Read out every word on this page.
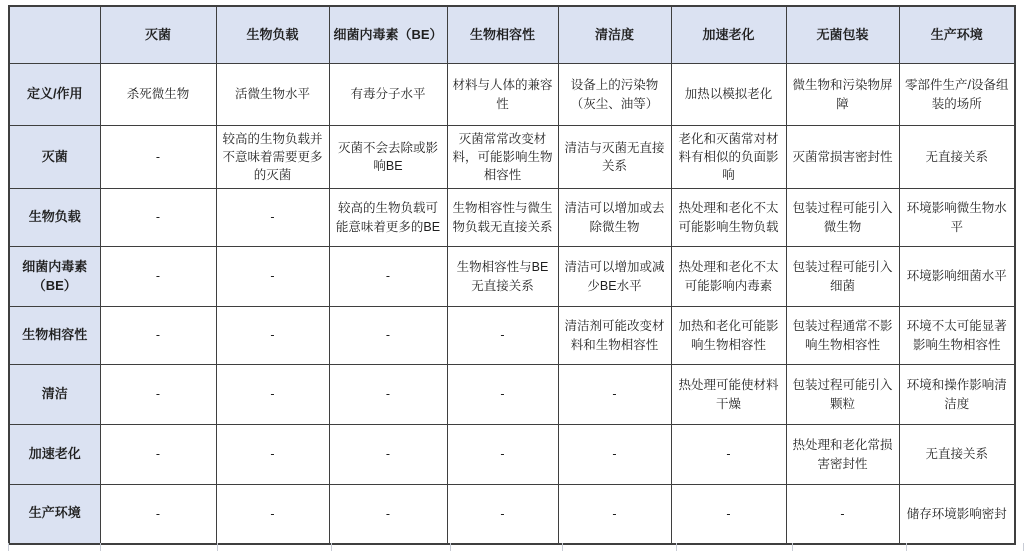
	灭菌	生物负载	细菌内毒素（BE）	生物相容性	清洁度	加速老化	无菌包装	生产环境
定义/作用	杀死微生物	活微生物水平	有毒分子水平	材料与人体的兼容性	设备上的污染物（灰尘、油等）	加热以模拟老化	微生物和污染物屏障	零部件生产/设备组装的场所
灭菌	-	较高的生物负载并不意味着需要更多的灭菌	灭菌不会去除或影响BE	灭菌常常改变材料，可能影响生物相容性	清洁与灭菌无直接关系	老化和灭菌常对材料有相似的负面影响	灭菌常损害密封性	无直接关系
生物负载	-	-	较高的生物负载可能意味着更多的BE	生物相容性与微生物负载无直接关系	清洁可以增加或去除微生物	热处理和老化不太可能影响生物负载	包装过程可能引入微生物	环境影响微生物水平
细菌内毒素（BE）	-	-	-	生物相容性与BE无直接关系	清洁可以增加或减少BE水平	热处理和老化不太可能影响内毒素	包装过程可能引入细菌	环境影响细菌水平
生物相容性	-	-	-	-	清洁剂可能改变材料和生物相容性	加热和老化可能影响生物相容性	包装过程通常不影响生物相容性	环境不太可能显著影响生物相容性
清洁	-	-	-	-	-	热处理可能使材料干燥	包装过程可能引入颗粒	环境和操作影响清洁度
加速老化	-	-	-	-	-	-	热处理和老化常损害密封性	无直接关系
生产环境	-	-	-	-	-	-	-	储存环境影响密封
